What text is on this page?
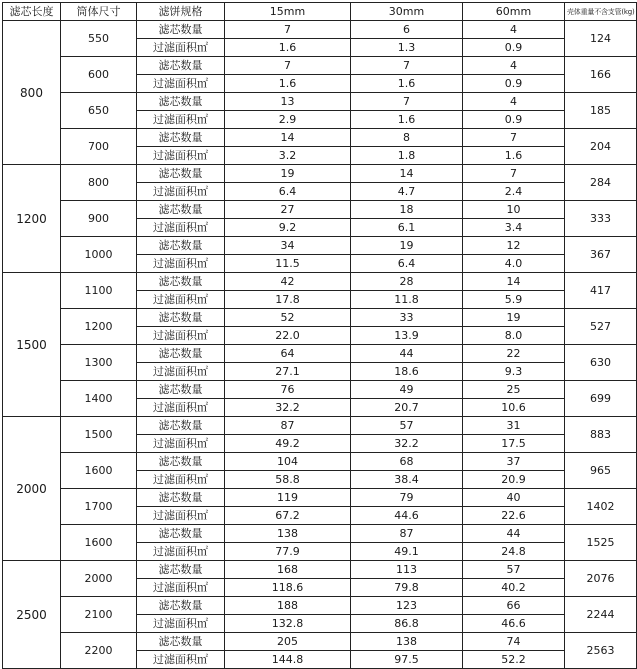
滤芯长度	筒体尺寸	滤饼规格	15mm	30mm	60mm	壳体重量不含支管(kg)
800	550	滤芯数量	7	6	4	124
		过滤面积㎡	1.6	1.3	0.9	
	600	滤芯数量	7	7	4	166
		过滤面积㎡	1.6	1.6	0.9	
	650	滤芯数量	13	7	4	185
		过滤面积㎡	2.9	1.6	0.9	
	700	滤芯数量	14	8	7	204
		过滤面积㎡	3.2	1.8	1.6	
1200	800	滤芯数量	19	14	7	284
		过滤面积㎡	6.4	4.7	2.4	
	900	滤芯数量	27	18	10	333
		过滤面积㎡	9.2	6.1	3.4	
	1000	滤芯数量	34	19	12	367
		过滤面积㎡	11.5	6.4	4.0	
1500	1100	滤芯数量	42	28	14	417
		过滤面积㎡	17.8	11.8	5.9	
	1200	滤芯数量	52	33	19	527
		过滤面积㎡	22.0	13.9	8.0	
	1300	滤芯数量	64	44	22	630
		过滤面积㎡	27.1	18.6	9.3	
	1400	滤芯数量	76	49	25	699
		过滤面积㎡	32.2	20.7	10.6	
2000	1500	滤芯数量	87	57	31	883
		过滤面积㎡	49.2	32.2	17.5	
	1600	滤芯数量	104	68	37	965
		过滤面积㎡	58.8	38.4	20.9	
	1700	滤芯数量	119	79	40	1402
		过滤面积㎡	67.2	44.6	22.6	
	1600	滤芯数量	138	87	44	1525
		过滤面积㎡	77.9	49.1	24.8	
2500	2000	滤芯数量	168	113	57	2076
		过滤面积㎡	118.6	79.8	40.2	
	2100	滤芯数量	188	123	66	2244
		过滤面积㎡	132.8	86.8	46.6	
	2200	滤芯数量	205	138	74	2563
		过滤面积㎡	144.8	97.5	52.2	
